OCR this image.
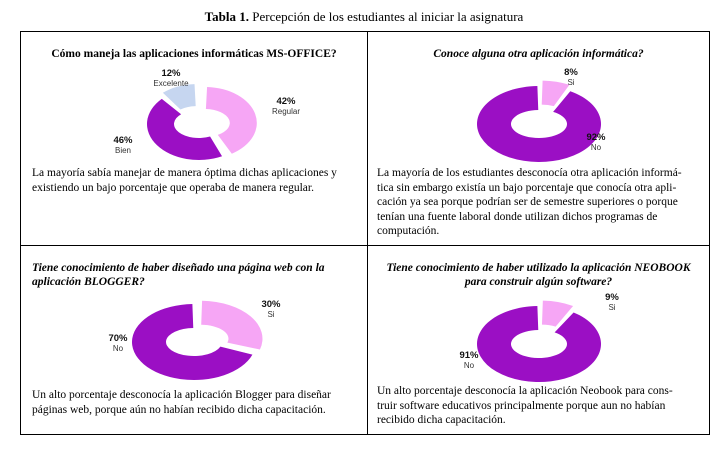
Tabla 1. Percepción de los estudiantes al iniciar la asignatura
Cómo maneja las aplicaciones informáticas MS-OFFICE?
12%
Excelente
42%
Regular
46%
Bien
La mayoría sabía manejar de manera óptima dichas aplicaciones y
existiendo un bajo porcentaje que operaba de manera regular.
Conoce alguna otra aplicación informática?
8%
Si
92%
No
La mayoría de los estudiantes desconocía otra aplicación informá-
tica sin embargo existía un bajo porcentaje que conocía otra apli-
cación ya sea porque podrían ser de semestre superiores o porque
tenían una fuente laboral donde utilizan dichos programas de
computación.
Tiene conocimiento de haber diseñado una página web con la
aplicación BLOGGER?
30%
Si
70%
No
Un alto porcentaje desconocía la aplicación Blogger para diseñar
páginas web, porque aún no habían recibido dicha capacitación.
Tiene conocimiento de haber utilizado la aplicación NEOBOOK
para construir algún software?
9%
Si
91%
No
Un alto porcentaje desconocía la aplicación Neobook para cons-
truir software educativos principalmente porque aun no habían
recibido dicha capacitación.
